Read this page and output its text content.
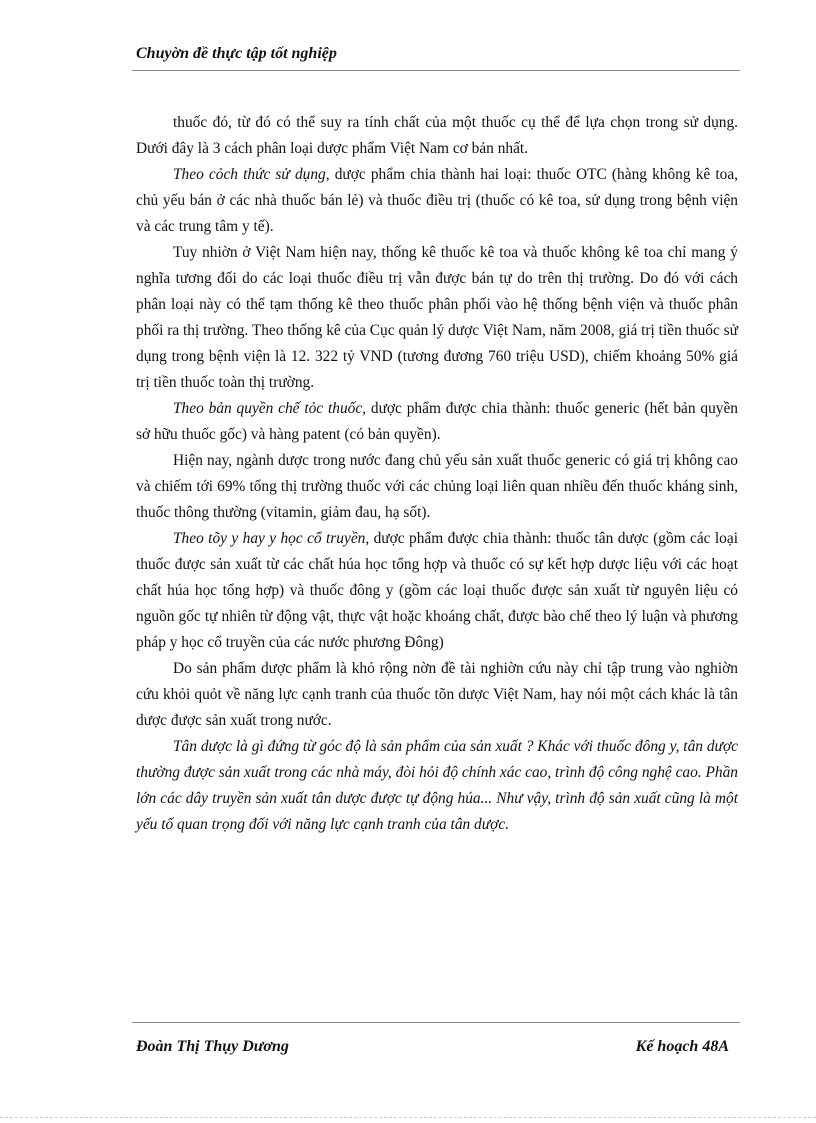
Chuyờn đề thực tập tốt nghiệp

thuốc đó, từ đó có thể suy ra tính chất của một thuốc cụ thể để lựa chọn trong sử dụng. Dưới đây là 3 cách phân loại dược phẩm Việt Nam cơ bản nhất.

Theo cỏch thức sử dụng, dược phẩm chia thành hai loại: thuốc OTC (hàng không kê toa, chủ yếu bán ở các nhà thuốc bán lẻ) và thuốc điều trị (thuốc có kê toa, sử dụng trong bệnh viện và các trung tâm y tế).

Tuy nhiờn ở Việt Nam hiện nay, thống kê thuốc kê toa và thuốc không kê toa chỉ mang ý nghĩa tương đối do các loại thuốc điều trị vẫn được bán tự do trên thị trường. Do đó với cách phân loại này có thể tạm thống kê theo thuốc phân phối vào hệ thống bệnh viện và thuốc phân phối ra thị trường. Theo thống kê của Cục quản lý dược Việt Nam, năm 2008, giá trị tiền thuốc sử dụng trong bệnh viện là 12. 322 tỷ VND (tương đương 760 triệu USD), chiếm khoảng 50% giá trị tiền thuốc toàn thị trường.

Theo bản quyền chế tỏc thuốc, dược phẩm được chia thành: thuốc generic (hết bản quyền sở hữu thuốc gốc) và hàng patent (có bản quyền).

Hiện nay, ngành dược trong nước đang chủ yếu sản xuất thuốc generic có giá trị không cao và chiếm tới 69% tổng thị trường thuốc với các chủng loại liên quan nhiều đến thuốc kháng sinh, thuốc thông thường (vitamin, giảm đau, hạ sốt).

Theo tõy y hay y học cổ truyền, dược phẩm được chia thành: thuốc tân dược (gồm các loại thuốc được sản xuất từ các chất húa học tổng hợp và thuốc có sự kết hợp dược liệu với các hoạt chất húa học tổng hợp) và thuốc đông y (gồm các loại thuốc được sản xuất từ nguyên liệu có nguồn gốc tự nhiên từ động vật, thực vật hoặc khoáng chất, được bào chế theo lý luận và phương pháp y học cổ truyền của các nước phương Đông)

Do sản phẩm dược phẩm là khỏ rộng nờn đề tài nghiờn cứu này chỉ tập trung vào nghiờn cứu khỏi quỏt về năng lực cạnh tranh của thuốc tõn dược Việt Nam, hay nói một cách khác là tân dược được sản xuất trong nước.

Tân dược là gì đứng từ góc độ là sản phẩm của sản xuất ? Khác với thuốc đông y, tân dược thường được sản xuất trong các nhà máy, đòi hỏi độ chính xác cao, trình độ công nghệ cao. Phần lớn các dây truyền sản xuất tân dược được tự động húa... Như vậy, trình độ sản xuất cũng là một yếu tố quan trọng đối với năng lực cạnh tranh của tân dược.

Đoàn Thị Thụy Dương	Kế hoạch 48A
